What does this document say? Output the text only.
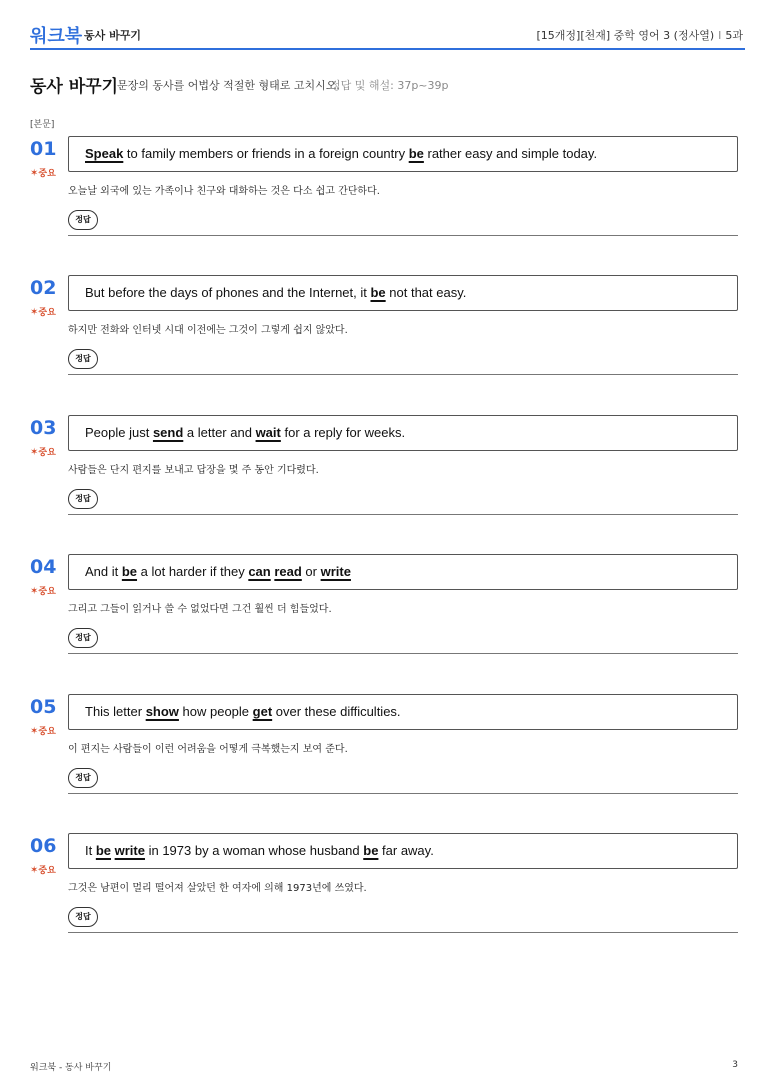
워크북 동사 바꾸기	[15개정][천재] 중학 영어 3 (정사열) I 5과
동사 바꾸기
문장의 동사를 어법상 적절한 형태로 고치시오.
정답 및 해설: 37p~39p
[본문]
01
✶중요
Speak to family members or friends in a foreign country be rather easy and simple today.
오늘날 외국에 있는 가족이나 친구와 대화하는 것은 다소 쉽고 간단하다.
정답
02
✶중요
But before the days of phones and the Internet, it be not that easy.
하지만 전화와 인터넷 시대 이전에는 그것이 그렇게 쉽지 않았다.
정답
03
✶중요
People just send a letter and wait for a reply for weeks.
사람들은 단지 편지를 보내고 답장을 몇 주 동안 기다렸다.
정답
04
✶중요
And it be a lot harder if they can read or write
그리고 그들이 읽거나 쓸 수 없었다면 그건 훨씬 더 힘들었다.
정답
05
✶중요
This letter show how people get over these difficulties.
이 편지는 사람들이 이런 어려움을 어떻게 극복했는지 보여 준다.
정답
06
✶중요
It be write in 1973 by a woman whose husband be far away.
그것은 남편이 멀리 떨어져 살았던 한 여자에 의해 1973년에 쓰였다.
정답
워크북 - 동사 바꾸기	3
